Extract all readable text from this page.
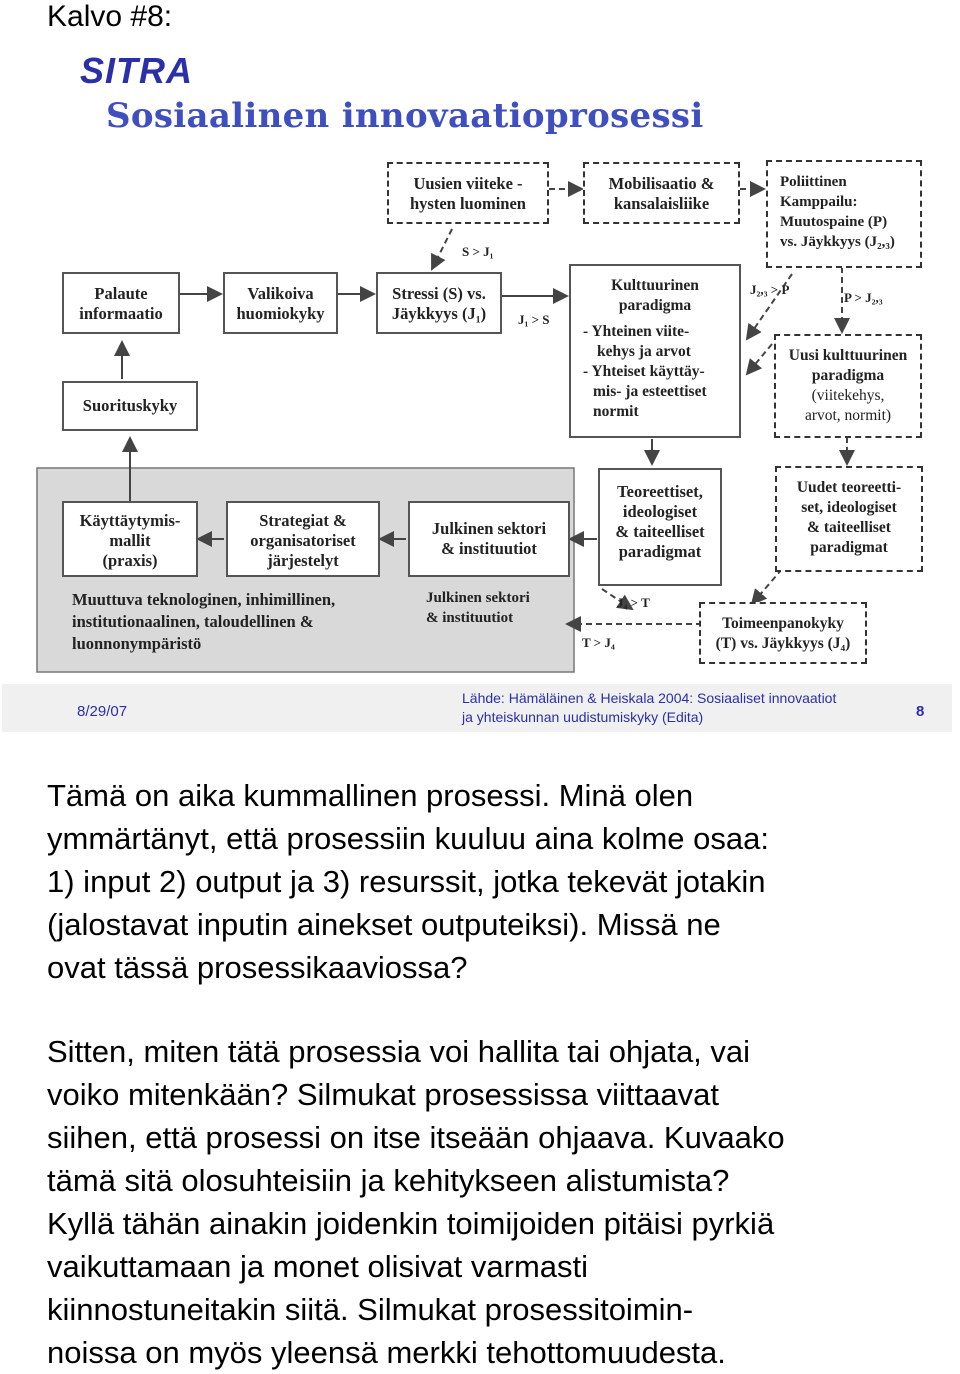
Kalvo #8:
SITRA
Sosiaalinen innovaatioprosessi
Palaute
informaatio
Valikoiva
huomiokyky
Stressi (S) vs.
Jäykkyys (J₁)
Suorituskyky
Uusien viiteke -
hysten luominen
Mobilisaatio &
kansalaisliike
Poliittinen
Kamppailu:
Muutospaine (P)
vs. Jäykkyys (J₂,₃)
Kulttuurinen
paradigma
- Yhteinen viite-
kehys ja arvot
- Yhteiset käyttäy-
mis- ja esteettiset
normit
Uusi kulttuurinen
paradigma
(viitekehys,
arvot, normit)
Käyttäytymis-
mallit
(praxis)
Strategiat &
organisatoriset
järjestelyt
Julkinen sektori
& instituutiot
Julkinen sektori
& instituutiot
Teoreettiset,
ideologiset
& taiteelliset
paradigmat
Uudet teoreetti-
set, ideologiset
& taiteelliset
paradigmat
Toimeenpanokyky
(T) vs. Jäykkyys (J₄)
Muuttuva teknologinen, inhimillinen,
institutionaalinen, taloudellinen &
luonnonympäristö
S > J₁
J₁ > S
J₂,₃ > P
P > J₂,₃
J₄ > T
T > J₄
8/29/07
Lähde: Hämäläinen & Heiskala 2004: Sosiaaliset innovaatiot
ja yhteiskunnan uudistumiskyky (Edita)	8
Tämä on aika kummallinen prosessi. Minä olen
ymmärtänyt, että prosessiin kuuluu aina kolme osaa:
1) input 2) output ja 3) resurssit, jotka tekevät jotakin
(jalostavat inputin ainekset outputeiksi). Missä ne
ovat tässä prosessikaaviossa?
Sitten, miten tätä prosessia voi hallita tai ohjata, vai
voiko mitenkään? Silmukat prosessissa viittaavat
siihen, että prosessi on itse itseään ohjaava. Kuvaako
tämä sitä olosuhteisiin ja kehitykseen alistumista?
Kyllä tähän ainakin joidenkin toimijoiden pitäisi pyrkiä
vaikuttamaan ja monet olisivat varmasti
kiinnostuneitakin siitä. Silmukat prosessitoimin-
noissa on myös yleensä merkki tehottomuudesta.
